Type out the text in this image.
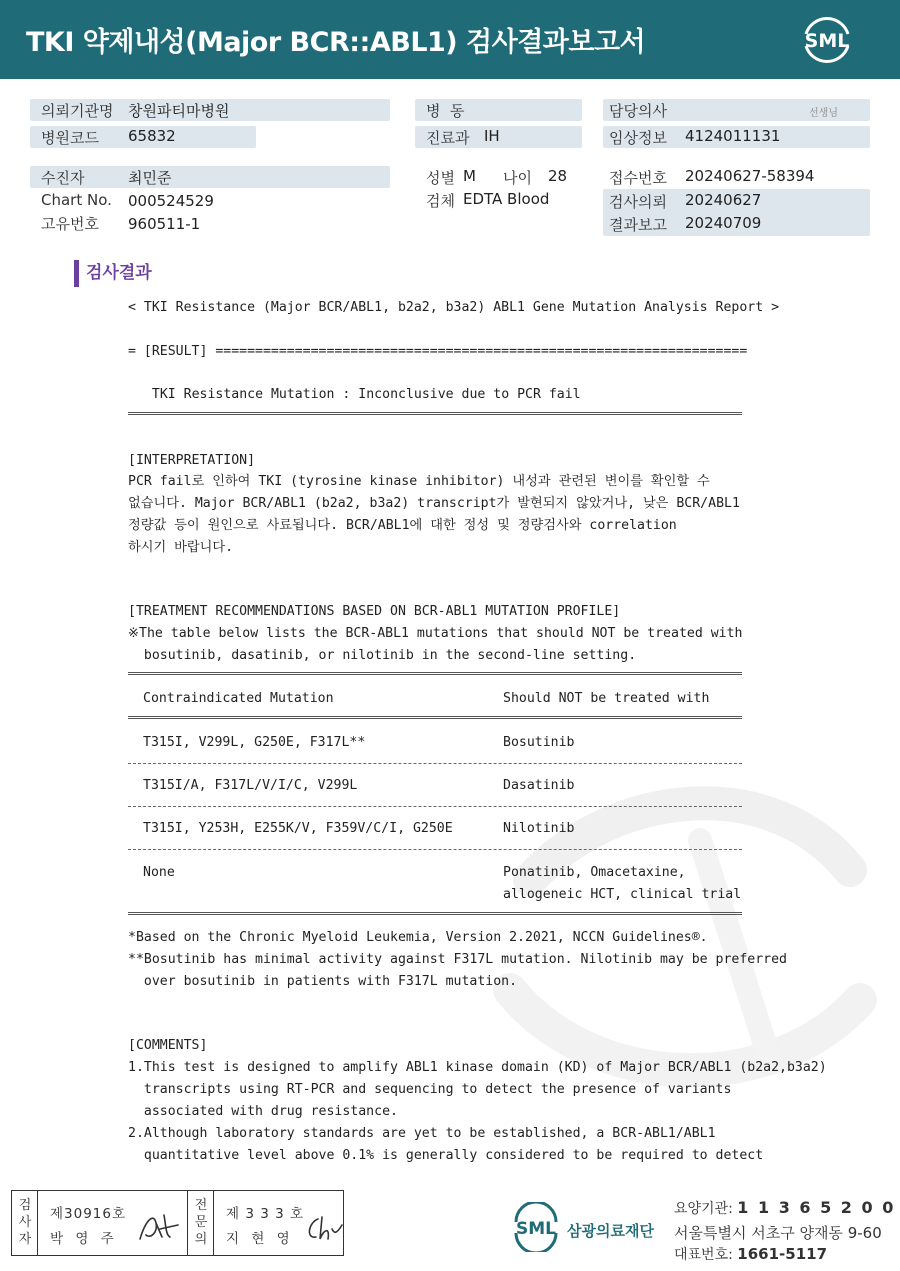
TKI 약제내성(Major BCR::ABL1) 검사결과보고서	SML
의뢰기관명 창원파티마병원
병원코드 65832
수진자	최민준
Chart No. 000524529
고유번호 960511-1
병  동
진료과 IH
성별 M 나이 28
검체 EDTA Blood
담당의사	선생님
임상정보 4124011131
접수번호 20240627-58394
검사의뢰 20240627
결과보고 20240709
검사결과
< TKI Resistance (Major BCR/ABL1, b2a2, b3a2) ABL1 Gene Mutation Analysis Report >
= [RESULT] ===================================================================
TKI Resistance Mutation : Inconclusive due to PCR fail
[INTERPRETATION]
PCR fail로 인하여 TKI (tyrosine kinase inhibitor) 내성과 관련된 변이를 확인할 수
없습니다. Major BCR/ABL1 (b2a2, b3a2) transcript가 발현되지 않았거나, 낮은 BCR/ABL1
정량값 등이 원인으로 사료됩니다. BCR/ABL1에 대한 정성 및 정량검사와 correlation
하시기 바랍니다.
[TREATMENT RECOMMENDATIONS BASED ON BCR-ABL1 MUTATION PROFILE]
※The table below lists the BCR-ABL1 mutations that should NOT be treated with
bosutinib, dasatinib, or nilotinib in the second-line setting.
Contraindicated Mutation	Should NOT be treated with
T315I, V299L, G250E, F317L**	Bosutinib
T315I/A, F317L/V/I/C, V299L	Dasatinib
T315I, Y253H, E255K/V, F359V/C/I, G250E	Nilotinib
None	Ponatinib, Omacetaxine,
allogeneic HCT, clinical trial
*Based on the Chronic Myeloid Leukemia, Version 2.2021, NCCN Guidelines®.
**Bosutinib has minimal activity against F317L mutation. Nilotinib may be preferred
over bosutinib in patients with F317L mutation.
[COMMENTS]
1.This test is designed to amplify ABL1 kinase domain (KD) of Major BCR/ABL1 (b2a2,b3a2)
transcripts using RT-PCR and sequencing to detect the presence of variants
associated with drug resistance.
2.Although laboratory standards are yet to be established, a BCR-ABL1/ABL1
quantitative level above 0.1% is generally considered to be required to detect
검사자
제30916호
박 영 주
전문의
제 3 3 3 호
지 현 영	SML 삼광의료재단
요양기관: 1 1 3 6 5 2 0 0
서울특별시 서초구 양재동 9-60
대표번호: 1661-5117
